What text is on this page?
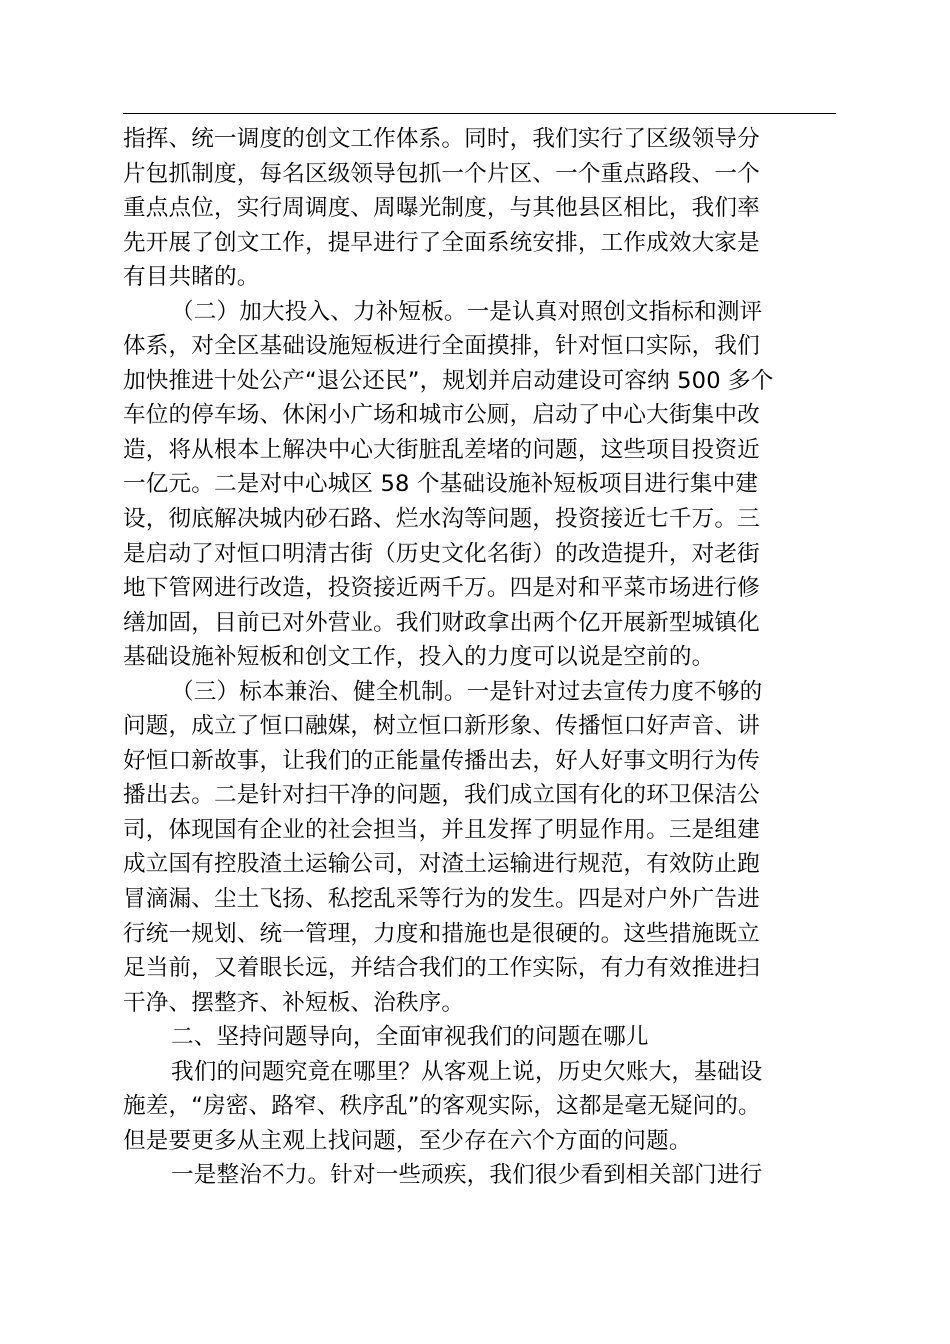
指挥、统一调度的创文工作体系。同时，我们实行了区级领导分
片包抓制度，每名区级领导包抓一个片区、一个重点路段、一个
重点点位，实行周调度、周曝光制度，与其他县区相比，我们率
先开展了创文工作，提早进行了全面系统安排，工作成效大家是
有目共睹的。
（二）加大投入、力补短板。一是认真对照创文指标和测评
体系，对全区基础设施短板进行全面摸排，针对恒口实际，我们
加快推进十处公产“退公还民”，规划并启动建设可容纳 500 多个
车位的停车场、休闲小广场和城市公厕，启动了中心大街集中改
造，将从根本上解决中心大街脏乱差堵的问题，这些项目投资近
一亿元。二是对中心城区 58 个基础设施补短板项目进行集中建
设，彻底解决城内砂石路、烂水沟等问题，投资接近七千万。三
是启动了对恒口明清古街（历史文化名街）的改造提升，对老街
地下管网进行改造，投资接近两千万。四是对和平菜市场进行修
缮加固，目前已对外营业。我们财政拿出两个亿开展新型城镇化
基础设施补短板和创文工作，投入的力度可以说是空前的。
（三）标本兼治、健全机制。一是针对过去宣传力度不够的
问题，成立了恒口融媒，树立恒口新形象、传播恒口好声音、讲
好恒口新故事，让我们的正能量传播出去，好人好事文明行为传
播出去。二是针对扫干净的问题，我们成立国有化的环卫保洁公
司，体现国有企业的社会担当，并且发挥了明显作用。三是组建
成立国有控股渣土运输公司，对渣土运输进行规范，有效防止跑
冒滴漏、尘土飞扬、私挖乱采等行为的发生。四是对户外广告进
行统一规划、统一管理，力度和措施也是很硬的。这些措施既立
足当前，又着眼长远，并结合我们的工作实际，有力有效推进扫
干净、摆整齐、补短板、治秩序。
二、坚持问题导向，全面审视我们的问题在哪儿
我们的问题究竟在哪里？从客观上说，历史欠账大，基础设
施差，“房密、路窄、秩序乱”的客观实际，这都是毫无疑问的。
但是要更多从主观上找问题，至少存在六个方面的问题。
一是整治不力。针对一些顽疾，我们很少看到相关部门进行
